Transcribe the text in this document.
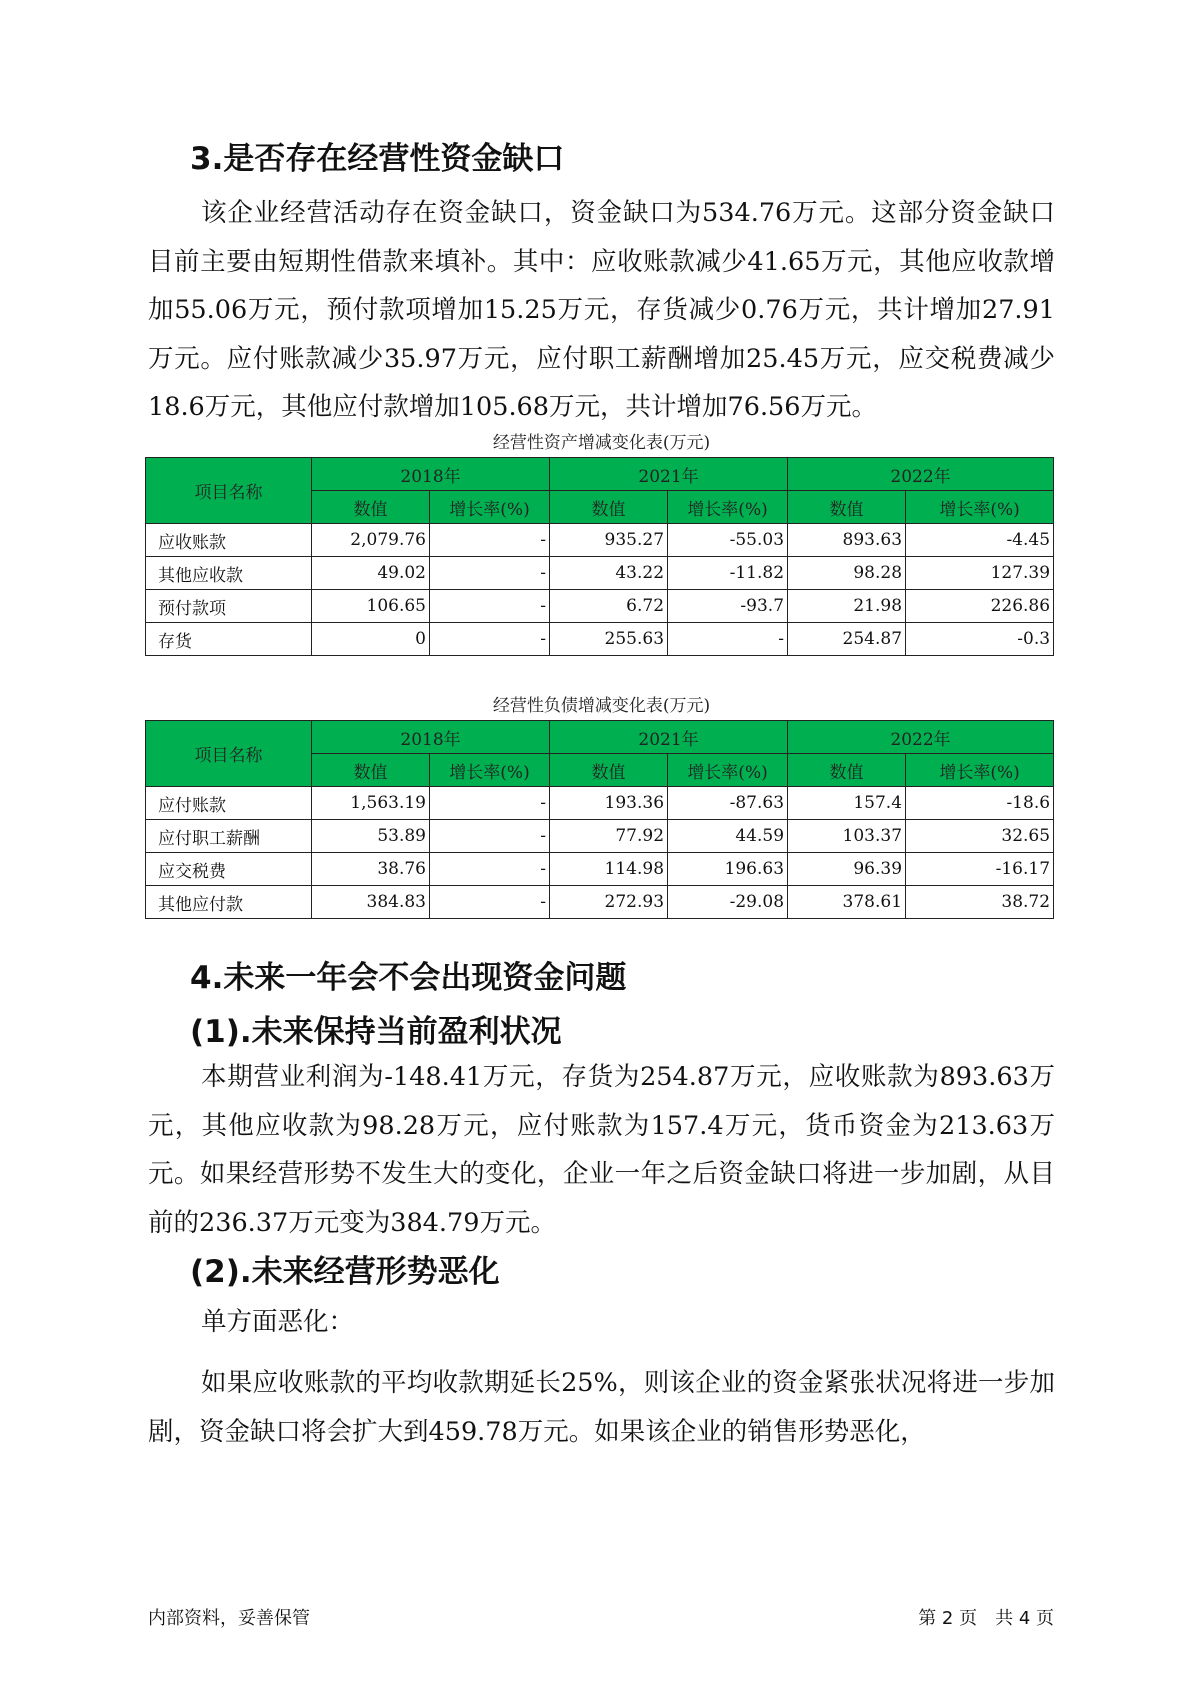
3.是否存在经营性资金缺口

该企业经营活动存在资金缺口，资金缺口为534.76万元。这部分资金缺口目前主要由短期性借款来填补。其中：应收账款减少41.65万元，其他应收款增加55.06万元，预付款项增加15.25万元，存货减少0.76万元，共计增加27.91万元。应付账款减少35.97万元，应付职工薪酬增加25.45万元，应交税费减少18.6万元，其他应付款增加105.68万元，共计增加76.56万元。

经营性资产增减变化表(万元)
项目名称	2018年		2021年		2022年	
	数值	增长率(%)	数值	增长率(%)	数值	增长率(%)
应收账款	2,079.76	-	935.27	-55.03	893.63	-4.45
其他应收款	49.02	-	43.22	-11.82	98.28	127.39
预付款项	106.65	-	6.72	-93.7	21.98	226.86
存货	0	-	255.63	-	254.87	-0.3
经营性负债增减变化表(万元)
项目名称	2018年		2021年		2022年	
	数值	增长率(%)	数值	增长率(%)	数值	增长率(%)
应付账款	1,563.19	-	193.36	-87.63	157.4	-18.6
应付职工薪酬	53.89	-	77.92	44.59	103.37	32.65
应交税费	38.76	-	114.98	196.63	96.39	-16.17
其他应付款	384.83	-	272.93	-29.08	378.61	38.72
4.未来一年会不会出现资金问题
(1).未来保持当前盈利状况

本期营业利润为-148.41万元，存货为254.87万元，应收账款为893.63万元，其他应收款为98.28万元，应付账款为157.4万元，货币资金为213.63万元。如果经营形势不发生大的变化，企业一年之后资金缺口将进一步加剧，从目前的236.37万元变为384.79万元。

(2).未来经营形势恶化

单方面恶化：

如果应收账款的平均收款期延长25%，则该企业的资金紧张状况将进一步加剧，资金缺口将会扩大到459.78万元。如果该企业的销售形势恶化，

内部资料，妥善保管	第 2 页　共 4 页
